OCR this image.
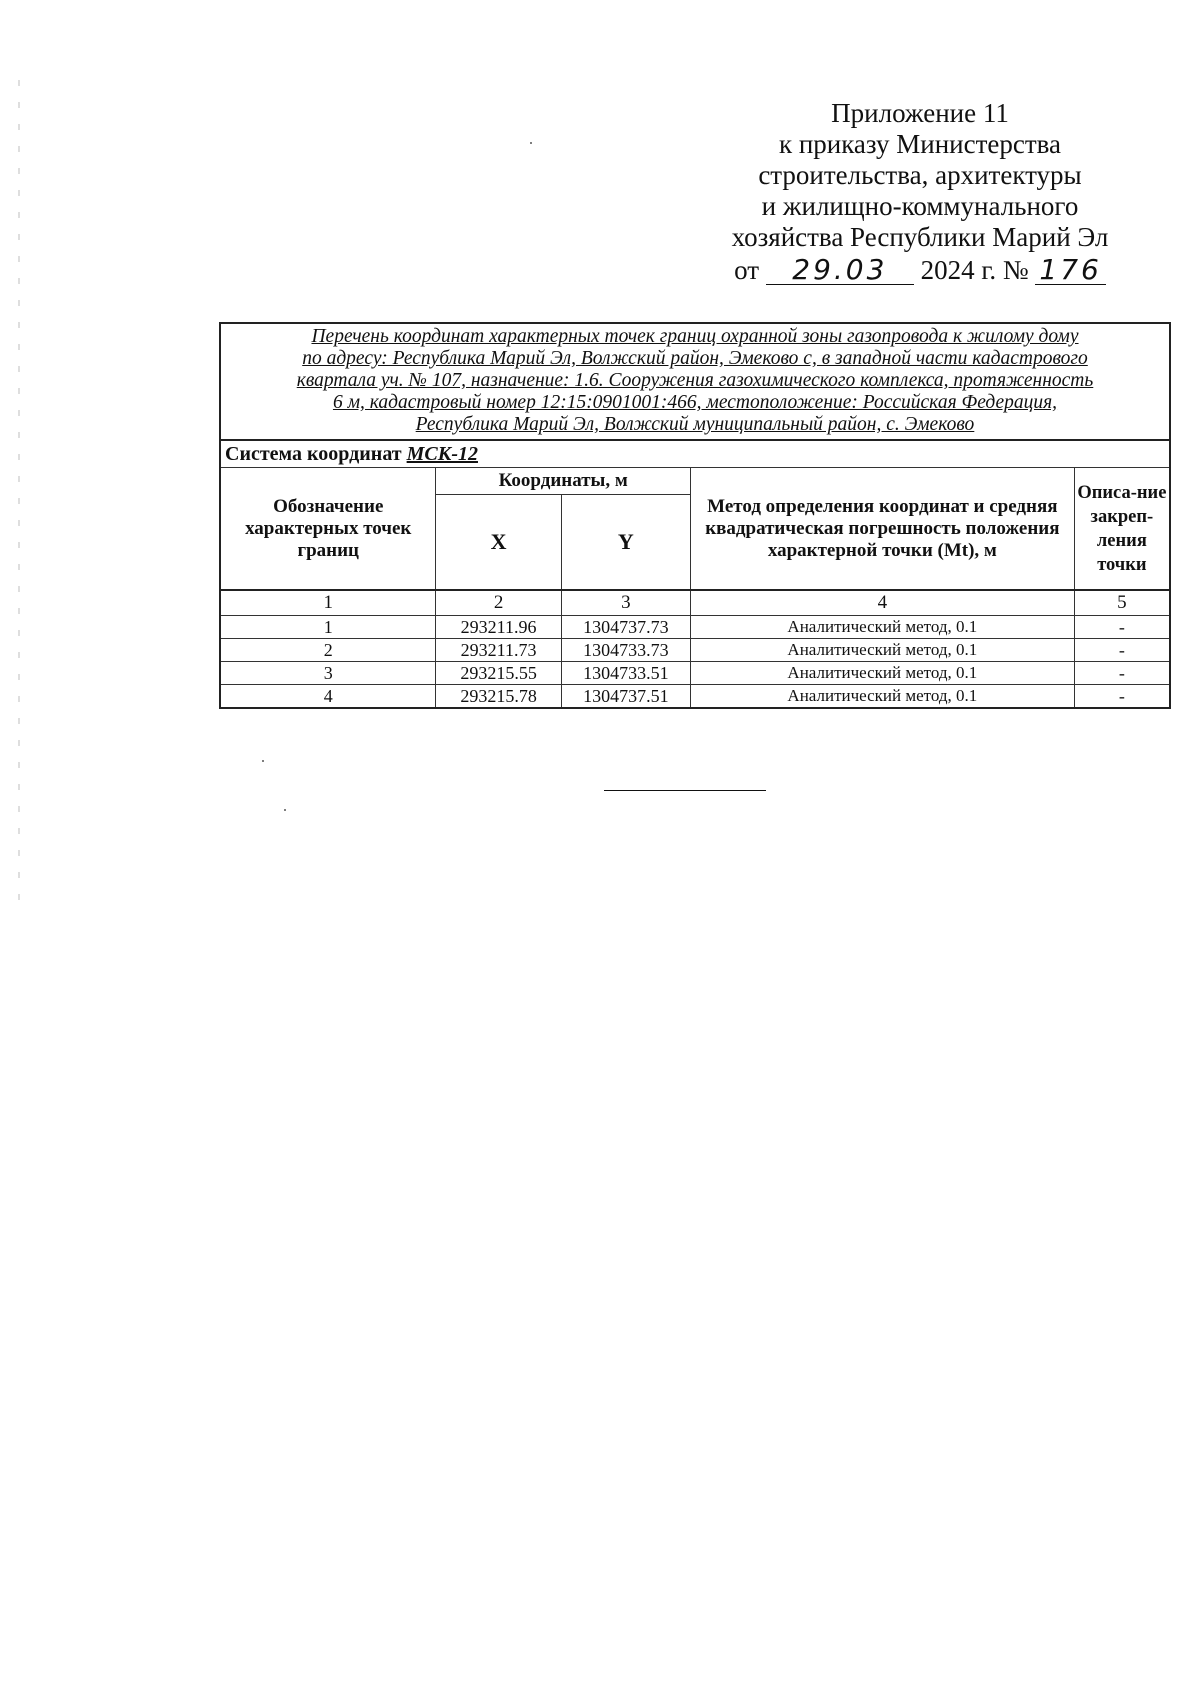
Приложение 11
к приказу Министерства
строительства, архитектуры
и жилищно-коммунального
хозяйства Республики Марий Эл
от 29.03 2024 г. № 176
Перечень координат характерных точек границ охранной зоны газопровода к жилому дому
по адресу: Республика Марий Эл, Волжский район, Эмеково с, в западной части кадастрового
квартала уч. № 107, назначение: 1.6. Сооружения газохимического комплекса, протяженность
6 м, кадастровый номер 12:15:0901001:466, местоположение: Российская Федерация,
Республика Марий Эл, Волжский муниципальный район, с. Эмеково				

Система координат МСК-12				
Обозначение характерных точек границ	Координаты, м		Метод определения координат и средняя квадратическая погрешность положения характерной точки (Mt), м	Описа-ние закреп-ления точки
	X	Y		
1	2	3	4	5
1	293211.96	1304737.73	Аналитический метод, 0.1	-
2	293211.73	1304733.73	Аналитический метод, 0.1	-
3	293215.55	1304733.51	Аналитический метод, 0.1	-
4	293215.78	1304737.51	Аналитический метод, 0.1	-
